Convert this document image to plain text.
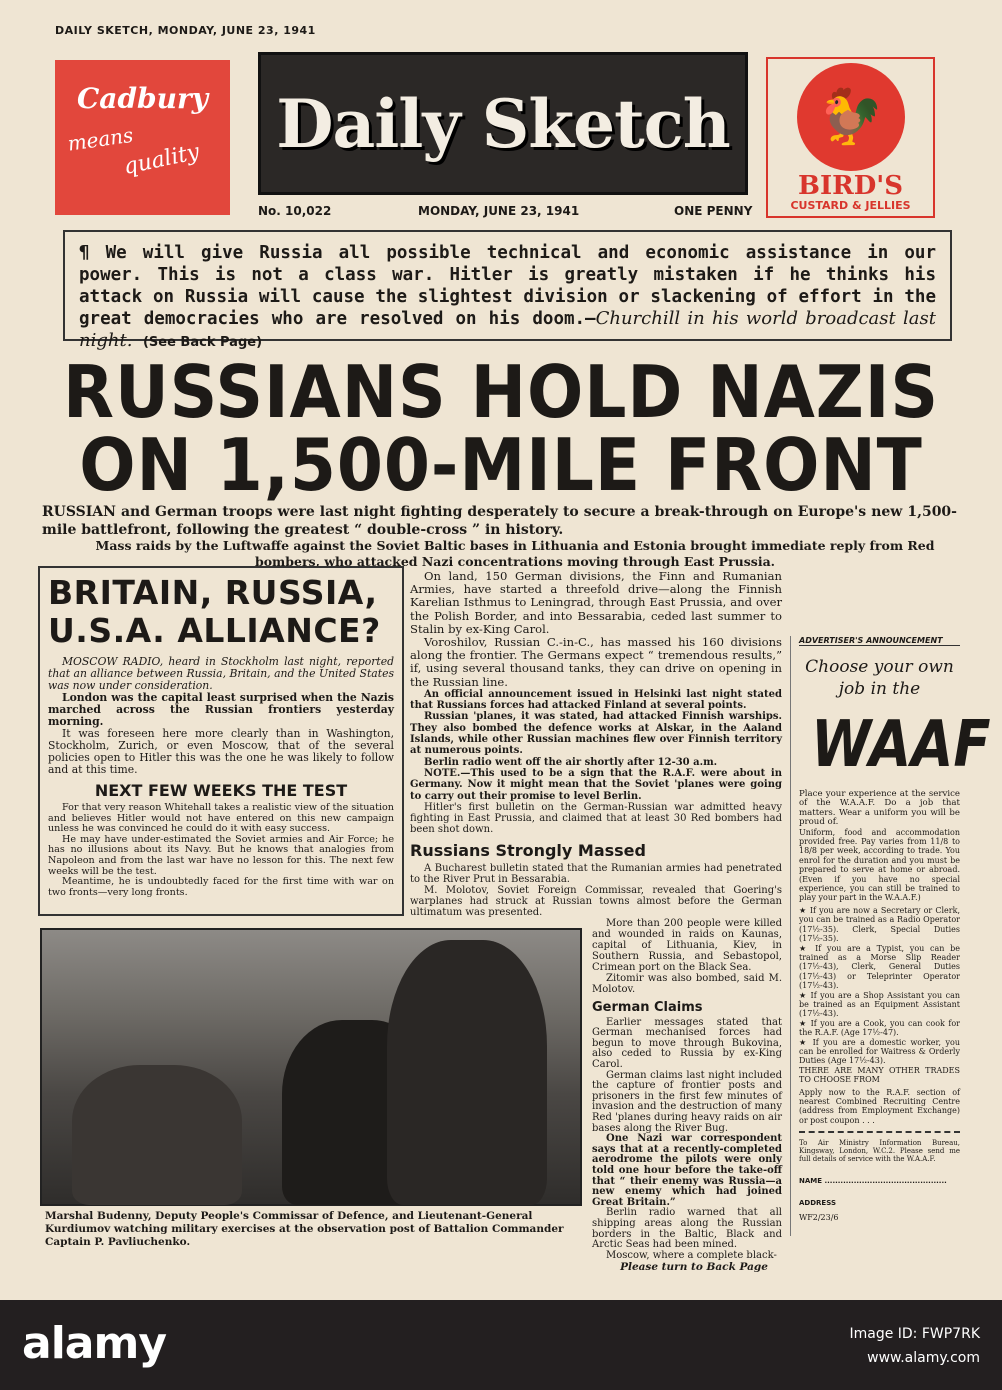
DAILY SKETCH, MONDAY, JUNE 23, 1941
Cadbury
means
quality	Daily Sketch	🐓
BIRD'S
CUSTARD & JELLIES
No. 10,022	MONDAY, JUNE 23, 1941	ONE PENNY
¶ We will give Russia all possible technical and economic assistance in our power. This is not a class war. Hitler is greatly mistaken if he thinks his attack on Russia will cause the slightest division or slackening of effort in the great democracies who are resolved on his doom.—Churchill in his world broadcast last night. (See Back Page)
RUSSIANS HOLD NAZIS
ON 1,500-MILE FRONT
RUSSIAN and German troops were last night fighting desperately to secure a break-through on Europe's new 1,500-mile battlefront, following the greatest “ double-cross ” in history.
Mass raids by the Luftwaffe against the Soviet Baltic bases in Lithuania and Estonia brought immediate reply from Red bombers, who attacked Nazi concentrations moving through East Prussia.
BRITAIN, RUSSIA, U.S.A. ALLIANCE?

MOSCOW RADIO, heard in Stockholm last night, reported that an alliance between Russia, Britain, and the United States was now under consideration.

London was the capital least surprised when the Nazis marched across the Russian frontiers yesterday morning.

It was foreseen here more clearly than in Washington, Stockholm, Zurich, or even Moscow, that of the several policies open to Hitler this was the one he was likely to follow and at this time.

NEXT FEW WEEKS THE TEST

For that very reason Whitehall takes a realistic view of the situation and believes Hitler would not have entered on this new campaign unless he was convinced he could do it with easy success.

He may have under-estimated the Soviet armies and Air Force; he has no illusions about its Navy. But he knows that analogies from Napoleon and from the last war have no lesson for this. The next few weeks will be the test.

Meantime, he is undoubtedly faced for the first time with war on two fronts—very long fronts.

On land, 150 German divisions, the Finn and Rumanian Armies, have started a threefold drive—along the Finnish Karelian Isthmus to Leningrad, through East Prussia, and over the Polish Border, and into Bessarabia, ceded last summer to Stalin by ex-King Carol.

Voroshilov, Russian C.-in-C., has massed his 160 divisions along the frontier. The Germans expect “ tremendous results,” if, using several thousand tanks, they can drive on opening in the Russian line.

An official announcement issued in Helsinki last night stated that Russians forces had attacked Finland at several points.

Russian 'planes, it was stated, had attacked Finnish warships. They also bombed the defence works at Alskar, in the Aaland Islands, while other Russian machines flew over Finnish territory at numerous points.

Berlin radio went off the air shortly after 12-30 a.m.

NOTE.—This used to be a sign that the R.A.F. were about in Germany. Now it might mean that the Soviet 'planes were going to carry out their promise to level Berlin.

Hitler's first bulletin on the German-Russian war admitted heavy fighting in East Prussia, and claimed that at least 30 Red bombers had been shot down.

Russians Strongly Massed

A Bucharest bulletin stated that the Rumanian armies had penetrated to the River Prut in Bessarabia.

M. Molotov, Soviet Foreign Commissar, revealed that Goering's warplanes had struck at Russian towns almost before the German ultimatum was presented.

More than 200 people were killed and wounded in raids on Kaunas, capital of Lithuania, Kiev, in Southern Russia, and Sebastopol, Crimean port on the Black Sea.

Zitomir was also bombed, said M. Molotov.

German Claims

Earlier messages stated that German mechanised forces had begun to move through Bukovina, also ceded to Russia by ex-King Carol.

German claims last night included the capture of frontier posts and prisoners in the first few minutes of invasion and the destruction of many Red 'planes during heavy raids on air bases along the River Bug.

One Nazi war correspondent says that at a recently-completed aerodrome the pilots were only told one hour before the take-off that “ their enemy was Russia—a new enemy which had joined Great Britain.”

Berlin radio warned that all shipping areas along the Russian borders in the Baltic, Black and Arctic Seas had been mined.

Moscow, where a complete black-

Please turn to Back Page

Marshal Budenny, Deputy People's Commissar of Defence, and Lieutenant-General Kurdiumov watching military exercises at the observation post of Battalion Commander Captain P. Pavliuchenko.
ADVERTISER'S ANNOUNCEMENT
Choose your own job in the
WAAF

Place your experience at the service of the W.A.A.F. Do a job that matters. Wear a uniform you will be proud of.

Uniform, food and accommodation provided free. Pay varies from 11/8 to 18/8 per week, according to trade. You enrol for the duration and you must be prepared to serve at home or abroad. (Even if you have no special experience, you can still be trained to play your part in the W.A.A.F.)

★ If you are now a Secretary or Clerk, you can be trained as a Radio Operator (17½-35). Clerk, Special Duties (17½-35).

★ If you are a Typist, you can be trained as a Morse Slip Reader (17½-43), Clerk, General Duties (17½-43) or Teleprinter Operator (17½-43).

★ If you are a Shop Assistant you can be trained as an Equipment Assistant (17½-43).

★ If you are a Cook, you can cook for the R.A.F. (Age 17½-47).

★ If you are a domestic worker, you can be enrolled for Waitress & Orderly Duties (Age 17½-43).

THERE ARE MANY OTHER TRADES TO CHOOSE FROM

Apply now to the R.A.F. section of nearest Combined Recruiting Centre (address from Employment Exchange) or post coupon . . .

To Air Ministry Information Bureau, Kingsway, London, W.C.2. Please send me full details of service with the W.A.A.F.

NAME ..............................................

ADDRESS

WF2/23/6

alamy	Image ID: FWP7RK
www.alamy.com
